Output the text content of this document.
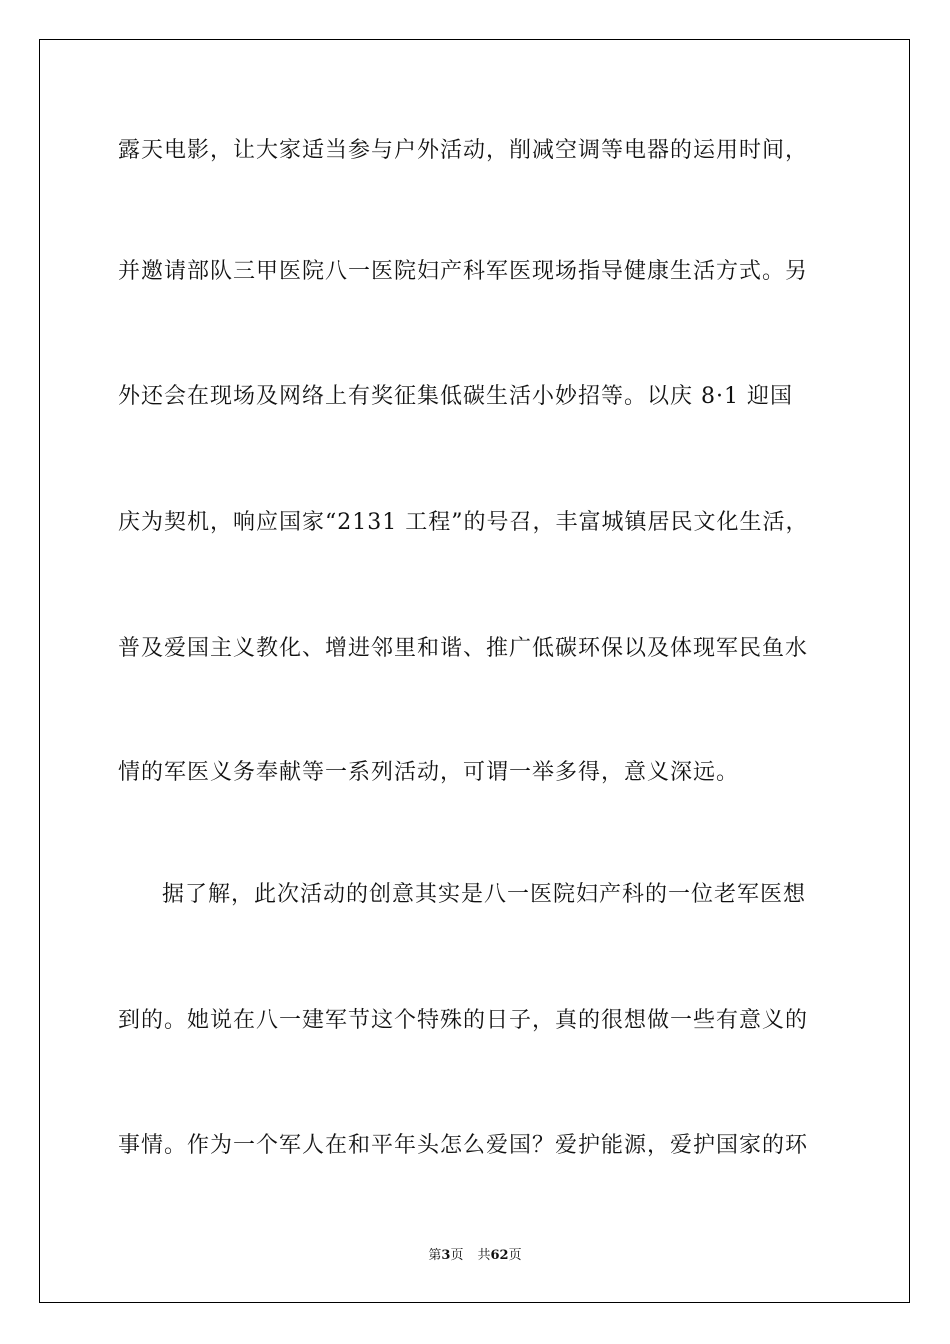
露天电影，让大家适当参与户外活动，削减空调等电器的运用时间，
并邀请部队三甲医院八一医院妇产科军医现场指导健康生活方式。另
外还会在现场及网络上有奖征集低碳生活小妙招等。以庆 8·1 迎国
庆为契机，响应国家“2131 工程”的号召，丰富城镇居民文化生活，
普及爱国主义教化、增进邻里和谐、推广低碳环保以及体现军民鱼水
情的军医义务奉献等一系列活动，可谓一举多得，意义深远。
据了解，此次活动的创意其实是八一医院妇产科的一位老军医想
到的。她说在八一建军节这个特殊的日子，真的很想做一些有意义的
事情。作为一个军人在和平年头怎么爱国？爱护能源，爱护国家的环
第3页 共62页
